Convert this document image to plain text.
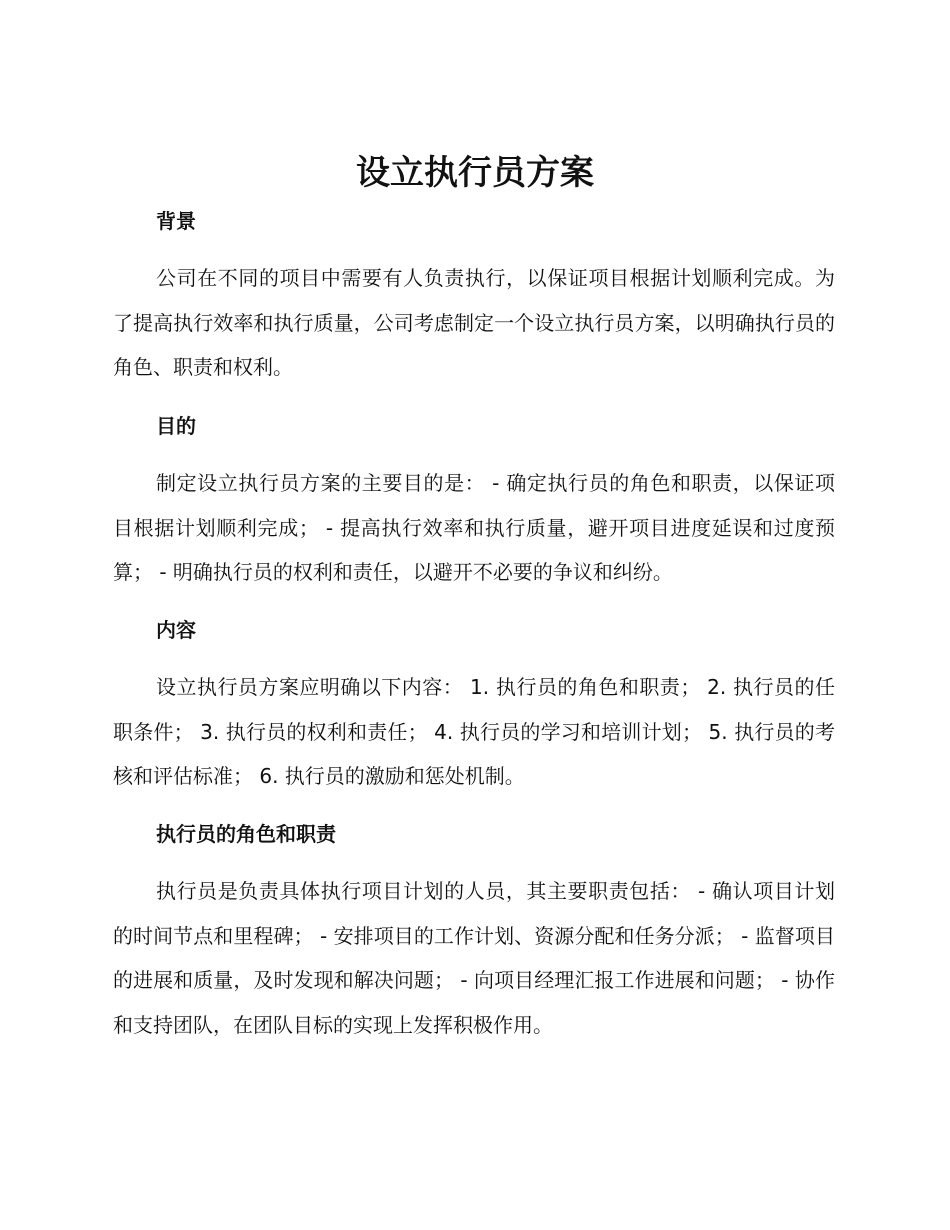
设立执行员方案
背景

公司在不同的项目中需要有人负责执行，以保证项目根据计划顺利完成。为了提高执行效率和执行质量，公司考虑制定一个设立执行员方案，以明确执行员的角色、职责和权利。

目的

制定设立执行员方案的主要目的是： - 确定执行员的角色和职责，以保证项目根据计划顺利完成； - 提高执行效率和执行质量，避开项目进度延误和过度预算； - 明确执行员的权利和责任，以避开不必要的争议和纠纷。

内容

设立执行员方案应明确以下内容： 1. 执行员的角色和职责； 2. 执行员的任职条件； 3. 执行员的权利和责任； 4. 执行员的学习和培训计划； 5. 执行员的考核和评估标准； 6. 执行员的激励和惩处机制。

执行员的角色和职责

执行员是负责具体执行项目计划的人员，其主要职责包括： - 确认项目计划的时间节点和里程碑； - 安排项目的工作计划、资源分配和任务分派； - 监督项目的进展和质量，及时发现和解决问题； - 向项目经理汇报工作进展和问题； - 协作和支持团队，在团队目标的实现上发挥积极作用。
